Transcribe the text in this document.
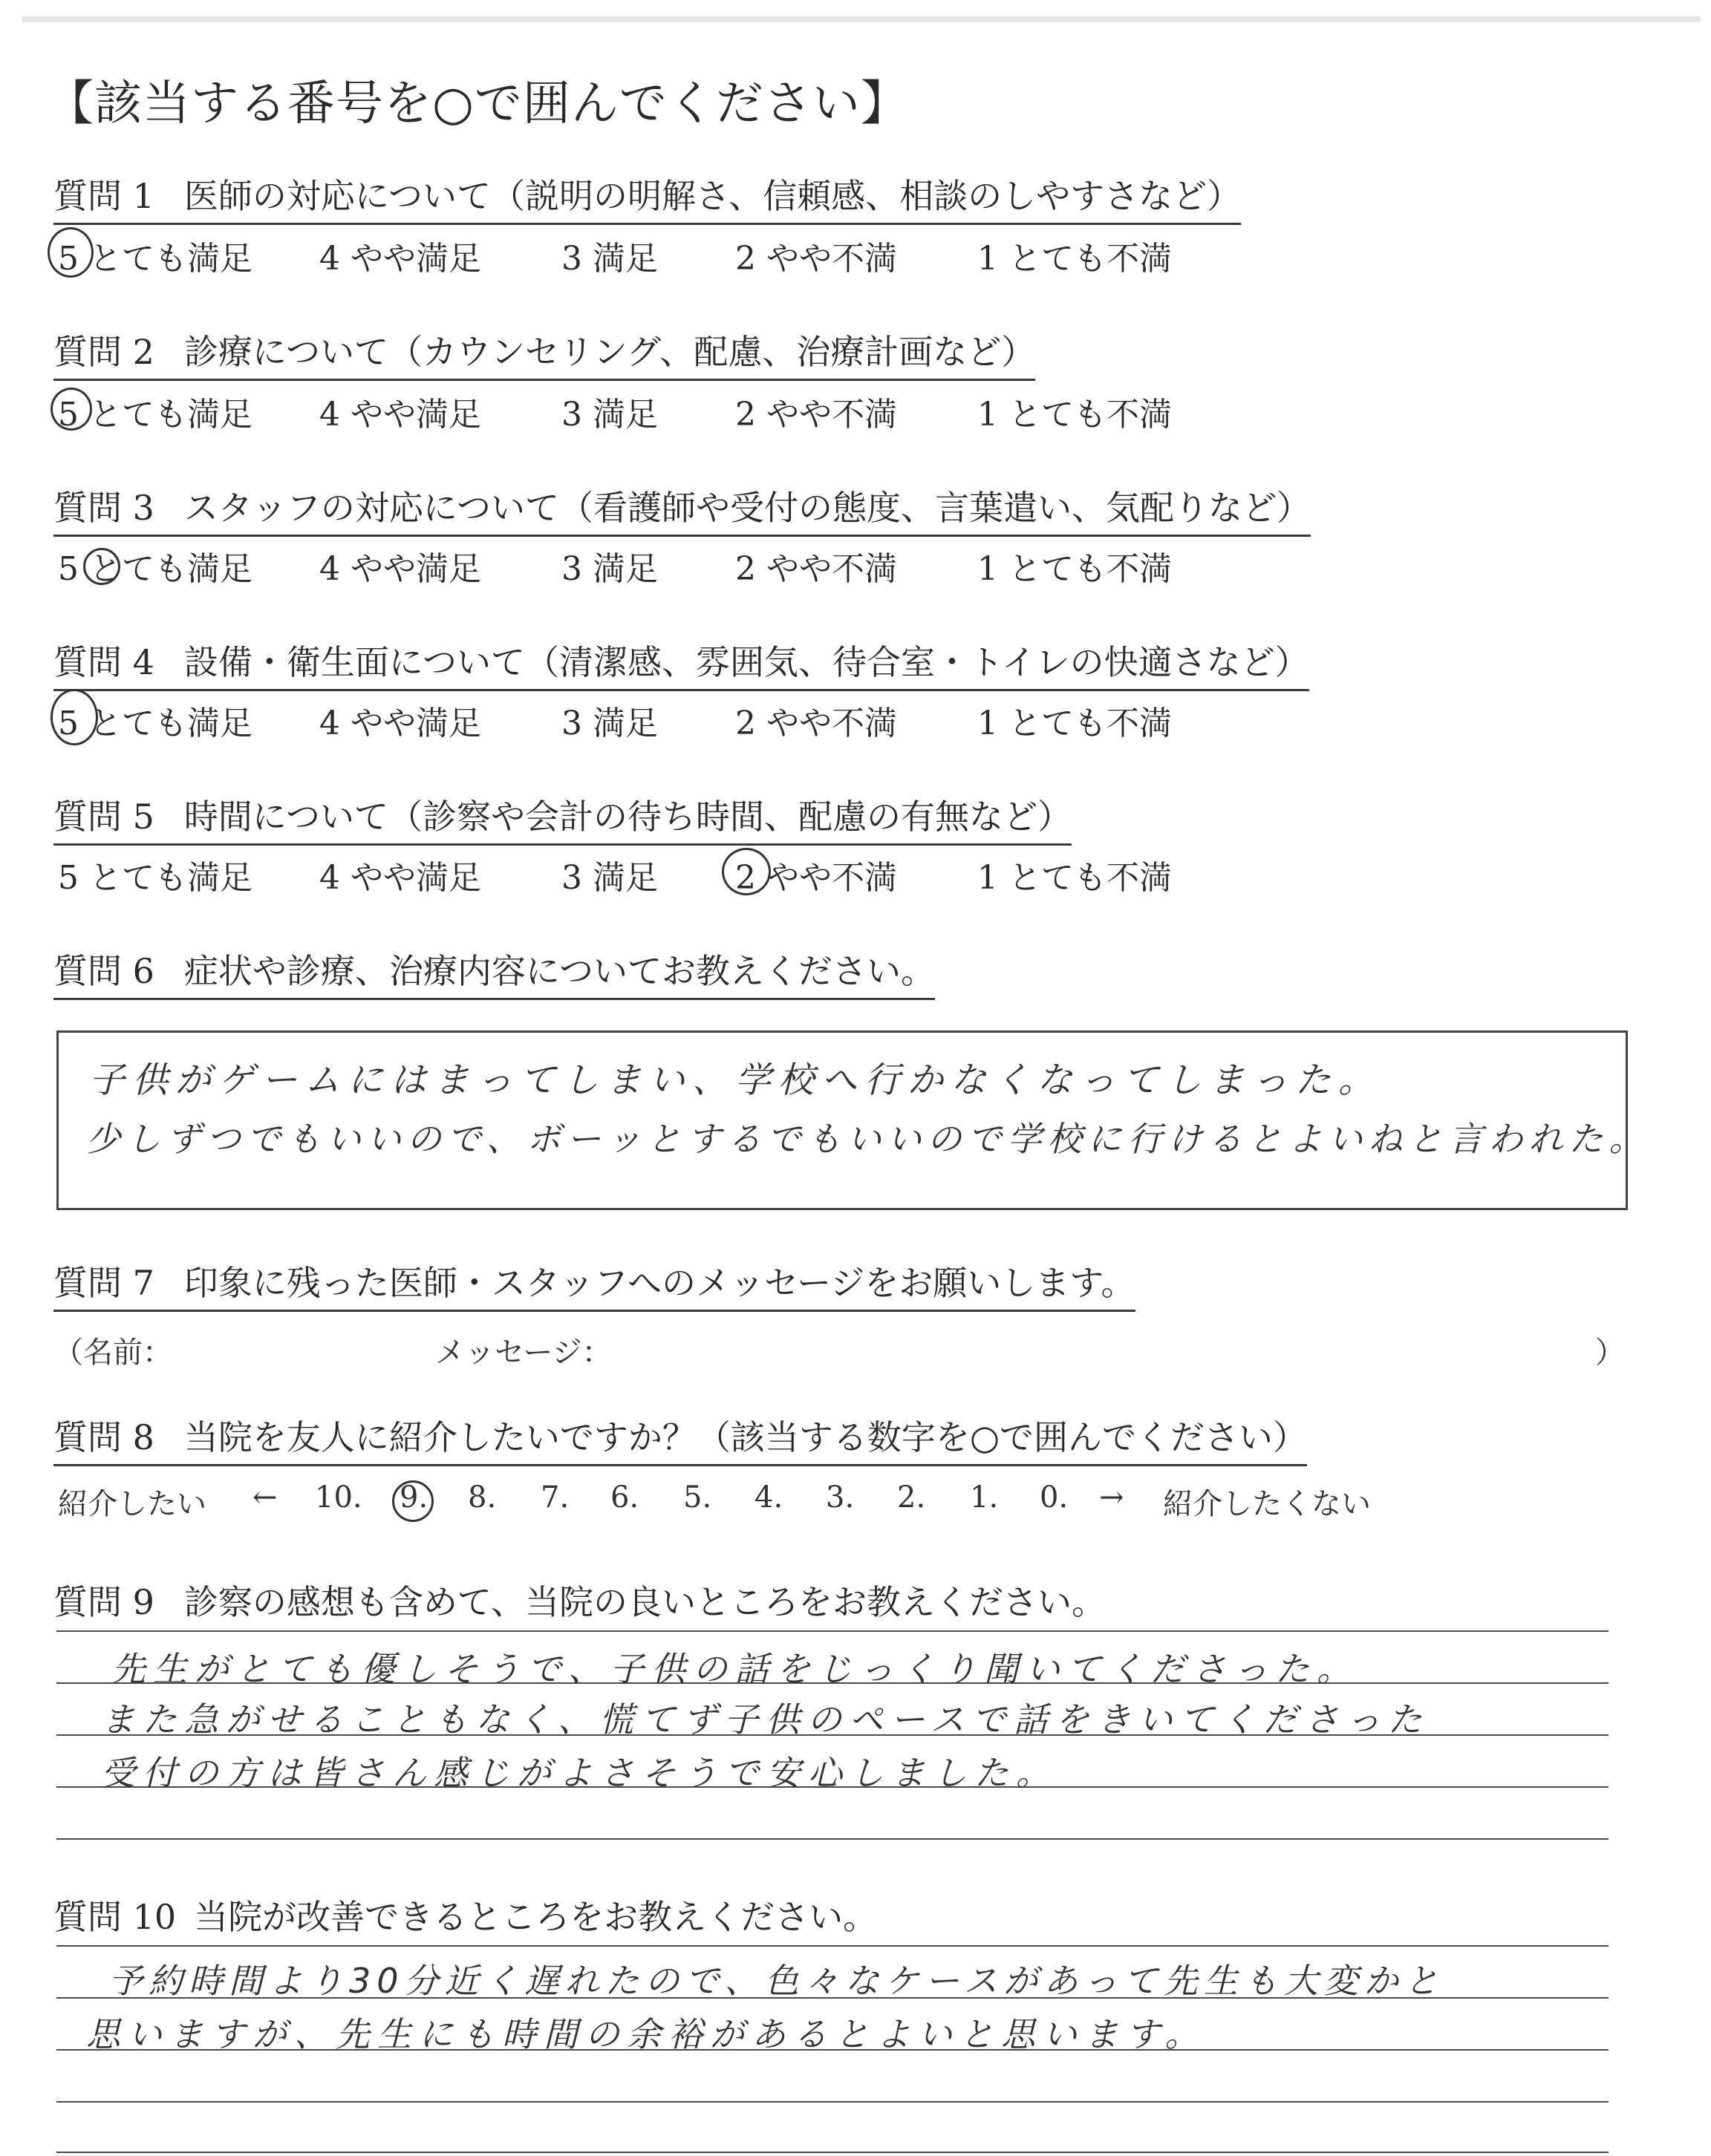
【該当する番号を○で囲んでください】
質問 1 医師の対応について（説明の明解さ、信頼感、相談のしやすさなど）
5 とても満足 4 やや満足 3 満足 2 やや不満 1 とても不満
質問 2 診療について（カウンセリング、配慮、治療計画など）
5 とても満足 4 やや満足 3 満足 2 やや不満 1 とても不満
質問 3 スタッフの対応について（看護師や受付の態度、言葉遣い、気配りなど）
5 とても満足 4 やや満足 3 満足 2 やや不満 1 とても不満
質問 4 設備・衛生面について（清潔感、雰囲気、待合室・トイレの快適さなど）
5 とても満足 4 やや満足 3 満足 2 やや不満 1 とても不満
質問 5 時間について（診察や会計の待ち時間、配慮の有無など）
5 とても満足 4 やや満足 3 満足 2 やや不満 1 とても不満
質問 6 症状や診療、治療内容についてお教えください。
子供がゲームにはまってしまい、学校へ行かなくなってしまった。
少しずつでもいいので、ボーッとするでもいいので学校に行けるとよいねと言われた。
質問 7 印象に残った医師・スタッフへのメッセージをお願いします。
（名前：	メッセージ：	）
質問 8 当院を友人に紹介したいですか？（該当する数字を○で囲んでください）
紹介したい ← 10. 9. 8. 7. 6. 5. 4. 3. 2. 1. 0. → 紹介したくない
質問 9 診察の感想も含めて、当院の良いところをお教えください。
先生がとても優しそうで、子供の話をじっくり聞いてくださった。
また急がせることもなく、慌てず子供のペースで話をきいてくださった
受付の方は皆さん感じがよさそうで安心しました。
質問 10 当院が改善できるところをお教えください。
予約時間より30分近く遅れたので、色々なケースがあって先生も大変かと
思いますが、先生にも時間の余裕があるとよいと思います。
